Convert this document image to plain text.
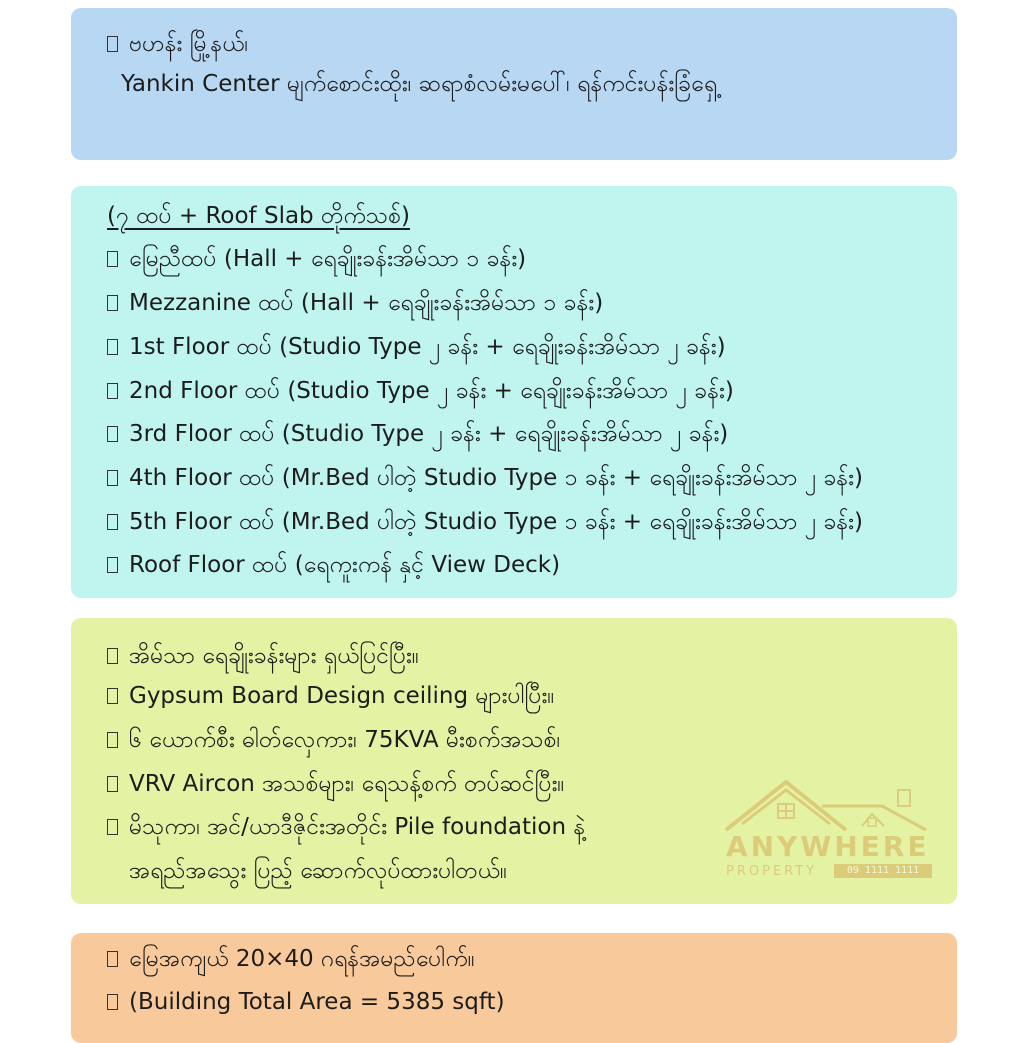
ဗဟန်း မြို့နယ်၊
Yankin Center မျက်စောင်းထိုး၊ ဆရာစံလမ်းမပေါ်၊ ရန်ကင်းပန်းခြံရှေ့
(၇ ထပ် + Roof Slab တိုက်သစ်)
မြေညီထပ် (Hall + ရေချိုးခန်းအိမ်သာ ၁ ခန်း)
Mezzanine ထပ် (Hall + ရေချိုးခန်းအိမ်သာ ၁ ခန်း)
1st Floor ထပ် (Studio Type ၂ ခန်း + ရေချိုးခန်းအိမ်သာ ၂ ခန်း)
2nd Floor ထပ် (Studio Type ၂ ခန်း + ရေချိုးခန်းအိမ်သာ ၂ ခန်း)
3rd Floor ထပ် (Studio Type ၂ ခန်း + ရေချိုးခန်းအိမ်သာ ၂ ခန်း)
4th Floor ထပ် (Mr.Bed ပါတဲ့ Studio Type ၁ ခန်း + ရေချိုးခန်းအိမ်သာ ၂ ခန်း)
5th Floor ထပ် (Mr.Bed ပါတဲ့ Studio Type ၁ ခန်း + ရေချိုးခန်းအိမ်သာ ၂ ခန်း)
Roof Floor ထပ် (ရေကူးကန် နှင့် View Deck)
အိမ်သာ ရေချိုးခန်းများ ရှယ်ပြင်ပြီး။
Gypsum Board Design ceiling များပါပြီး။
၆ ယောက်စီး ဓါတ်လှေကား၊ 75KVA မီးစက်အသစ်၊
VRV Aircon အသစ်များ၊ ရေသန့်စက် တပ်ဆင်ပြီး။
မိသုကာ၊ အင်/ယာဒီဇိုင်းအတိုင်း Pile foundation နဲ့
အရည်အသွေး ပြည့် ဆောက်လုပ်ထားပါတယ်။
ANYWHERE
PROPERTY	09 1111 1111
မြေအကျယ် 20×40 ဂရန်အမည်ပေါက်။
(Building Total Area = 5385 sqft)
